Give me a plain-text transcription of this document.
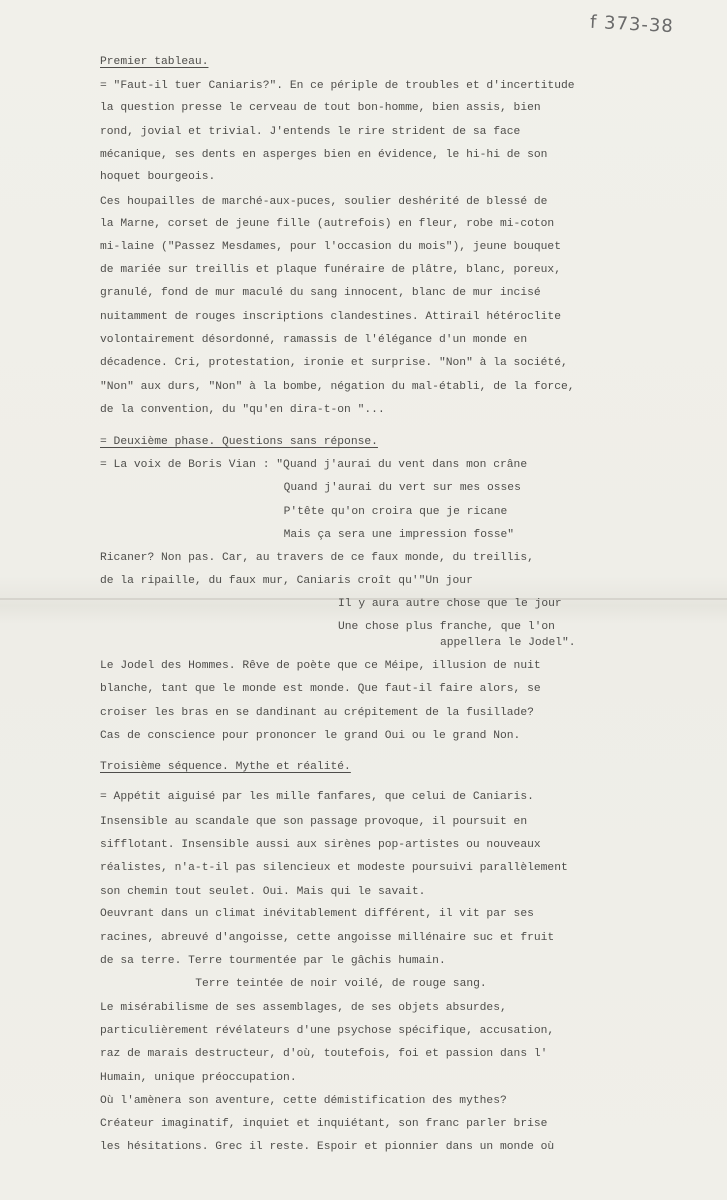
f 373-38
Premier tableau.
= "Faut-il tuer Caniaris?". En ce périple de troubles et d'incertitude
la question presse le cerveau de tout bon-homme, bien assis, bien
rond, jovial et trivial. J'entends le rire strident de sa face
mécanique, ses dents en asperges bien en évidence, le hi-hi de son
hoquet bourgeois.
Ces houpailles de marché-aux-puces, soulier deshérité de blessé de
la Marne, corset de jeune fille (autrefois) en fleur, robe mi-coton
mi-laine ("Passez Mesdames, pour l'occasion du mois"), jeune bouquet
de mariée sur treillis et plaque funéraire de plâtre, blanc, poreux,
granulé, fond de mur maculé du sang innocent, blanc de mur incisé
nuitamment de rouges inscriptions clandestines. Attirail hétéroclite
volontairement désordonné, ramassis de l'élégance d'un monde en
décadence. Cri, protestation, ironie et surprise. "Non" à la société,
"Non" aux durs, "Non" à la bombe, négation du mal-établi, de la force,
de la convention, du "qu'en dira-t-on "...
= Deuxième phase. Questions sans réponse.
= La voix de Boris Vian : "Quand j'aurai du vent dans mon crâne
Quand j'aurai du vert sur mes osses
P'tête qu'on croira que je ricane
Mais ça sera une impression fosse"
Ricaner? Non pas. Car, au travers de ce faux monde, du treillis,
de la ripaille, du faux mur, Caniaris croît qu'"Un jour
Il y aura autre chose que le jour
Une chose plus franche, que l'on
appellera le Jodel".
Le Jodel des Hommes. Rêve de poète que ce Méipe, illusion de nuit
blanche, tant que le monde est monde. Que faut-il faire alors, se
croiser les bras en se dandinant au crépitement de la fusillade?
Cas de conscience pour prononcer le grand Oui ou le grand Non.
Troisième séquence. Mythe et réalité.
= Appétit aiguisé par les mille fanfares, que celui de Caniaris.
Insensible au scandale que son passage provoque, il poursuit en
sifflotant. Insensible aussi aux sirènes pop-artistes ou nouveaux
réalistes, n'a-t-il pas silencieux et modeste poursuivi parallèlement
son chemin tout seulet. Oui. Mais qui le savait.
Oeuvrant dans un climat inévitablement différent, il vit par ses
racines, abreuvé d'angoisse, cette angoisse millénaire suc et fruit
de sa terre. Terre tourmentée par le gâchis humain.
Terre teintée de noir voilé, de rouge sang.
Le misérabilisme de ses assemblages, de ses objets absurdes,
particulièrement révélateurs d'une psychose spécifique, accusation,
raz de marais destructeur, d'où, toutefois, foi et passion dans l'
Humain, unique préoccupation.
Où l'amènera son aventure, cette démistification des mythes?
Créateur imaginatif, inquiet et inquiétant, son franc parler brise
les hésitations. Grec il reste. Espoir et pionnier dans un monde où
